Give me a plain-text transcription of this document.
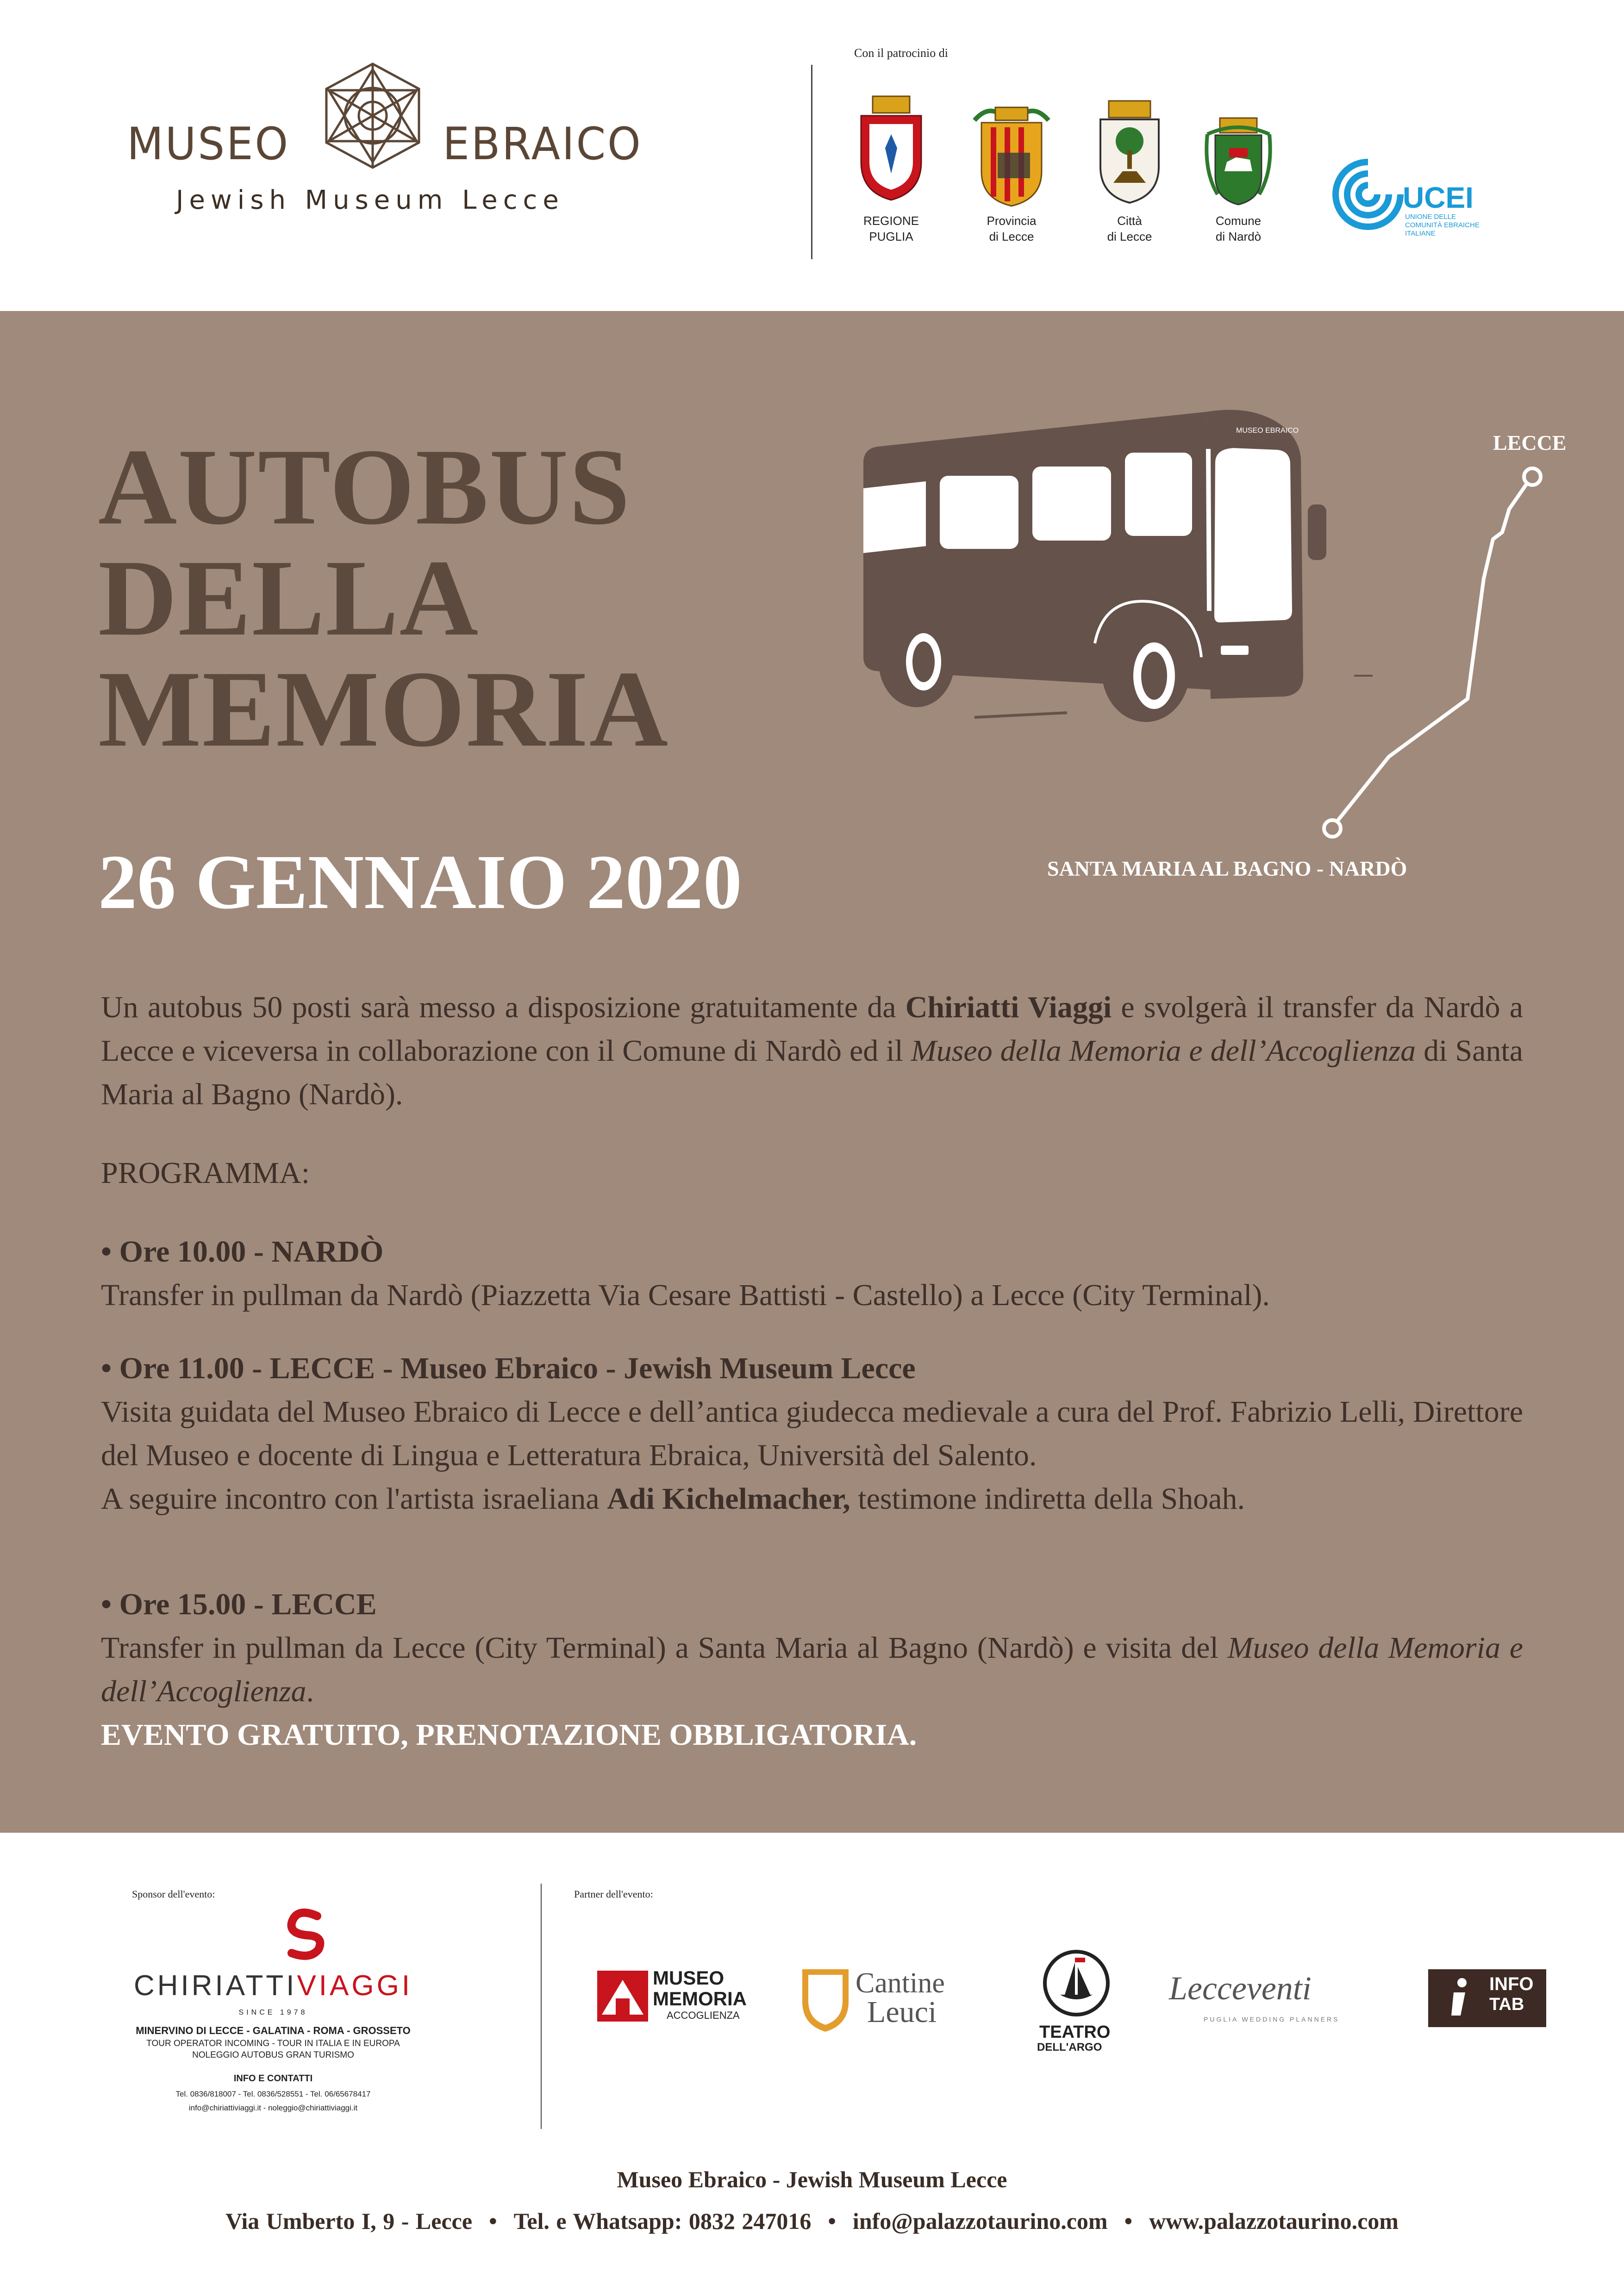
MUSEO	EBRAICO
Jewish Museum Lecce
Con il patrocinio di
REGIONE
PUGLIA
Provincia
di Lecce
Città
di Lecce
Comune
di Nardò
UCEI
UNIONE DELLE
COMUNITÀ EBRAICHE
ITALIANE
AUTOBUS
DELLA
MEMORIA
MUSEO EBRAICO
LECCE
SANTA MARIA AL BAGNO - NARDÒ
26 GENNAIO 2020
Un autobus 50 posti sarà messo a disposizione gratuitamente da Chiriatti Viaggi e svolgerà il transfer da Nardò a Lecce e viceversa in collaborazione con il Comune di Nardò ed il Museo della Memoria e dell’Accoglienza di Santa Maria al Bagno (Nardò).
PROGRAMMA:
• Ore 10.00 - NARDÒ
Transfer in pullman da Nardò (Piazzetta Via Cesare Battisti - Castello) a Lecce (City Terminal).
• Ore 11.00 - LECCE - Museo Ebraico - Jewish Museum Lecce
Visita guidata del Museo Ebraico di Lecce e dell’antica giudecca medievale a cura del Prof. Fabrizio Lelli, Direttore del Museo e docente di Lingua e Letteratura Ebraica, Università del Salento.
A seguire incontro con l'artista israeliana Adi Kichelmacher, testimone indiretta della Shoah.
• Ore 15.00 - LECCE
Transfer in pullman da Lecce (City Terminal) a Santa Maria al Bagno (Nardò) e visita del Museo della Memoria e dell’Accoglienza.
EVENTO GRATUITO, PRENOTAZIONE OBBLIGATORIA.
Sponsor dell'evento:	Partner dell'evento:
CHIRIATTIVIAGGI
SINCE 1978
MINERVINO DI LECCE - GALATINA - ROMA - GROSSETO
TOUR OPERATOR INCOMING - TOUR IN ITALIA E IN EUROPA
NOLEGGIO AUTOBUS GRAN TURISMO
INFO E CONTATTI
Tel. 0836/818007 - Tel. 0836/528551 - Tel. 06/65678417
info@chiriattiviaggi.it - noleggio@chiriattiviaggi.it
MUSEO
MEMORIA
ACCOGLIENZA
Cantine
Leuci
TEATRO
DELL'ARGO
Lecceventi
PUGLIA WEDDING PLANNERS
INFO
TAB
Museo Ebraico - Jewish Museum Lecce
Via Umberto I, 9 - Lecce • Tel. e Whatsapp: 0832 247016 • info@palazzotaurino.com • www.palazzotaurino.com
